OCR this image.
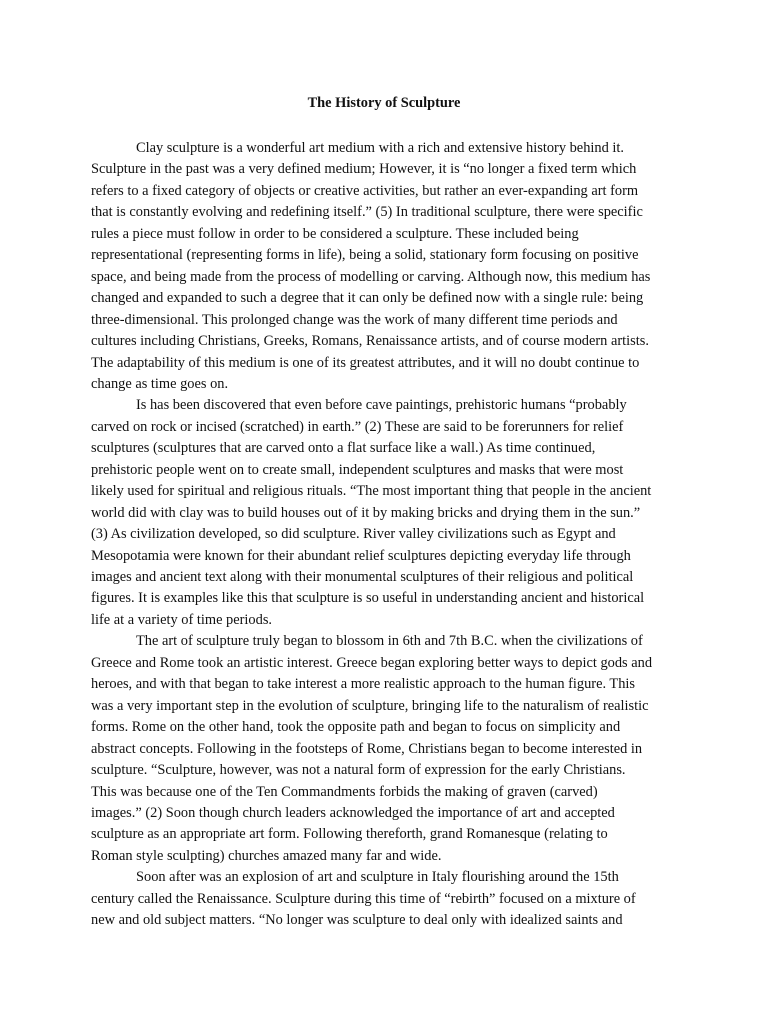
The History of Sculpture
Clay sculpture is a wonderful art medium with a rich and extensive history behind it.
Sculpture in the past was a very defined medium; However, it is “no longer a fixed term which
refers to a fixed category of objects or creative activities, but rather an ever-expanding art form
that is constantly evolving and redefining itself.” (5) In traditional sculpture, there were specific
rules a piece must follow in order to be considered a sculpture. These included being
representational (representing forms in life), being a solid, stationary form focusing on positive
space, and being made from the process of modelling or carving. Although now, this medium has
changed and expanded to such a degree that it can only be defined now with a single rule: being
three-dimensional. This prolonged change was the work of many different time periods and
cultures including Christians, Greeks, Romans, Renaissance artists, and of course modern artists.
The adaptability of this medium is one of its greatest attributes, and it will no doubt continue to
change as time goes on.
Is has been discovered that even before cave paintings, prehistoric humans “probably
carved on rock or incised (scratched) in earth.” (2) These are said to be forerunners for relief
sculptures (sculptures that are carved onto a flat surface like a wall.) As time continued,
prehistoric people went on to create small, independent sculptures and masks that were most
likely used for spiritual and religious rituals. “The most important thing that people in the ancient
world did with clay was to build houses out of it by making bricks and drying them in the sun.”
(3) As civilization developed, so did sculpture. River valley civilizations such as Egypt and
Mesopotamia were known for their abundant relief sculptures depicting everyday life through
images and ancient text along with their monumental sculptures of their religious and political
figures. It is examples like this that sculpture is so useful in understanding ancient and historical
life at a variety of time periods.
The art of sculpture truly began to blossom in 6th and 7th B.C. when the civilizations of
Greece and Rome took an artistic interest. Greece began exploring better ways to depict gods and
heroes, and with that began to take interest a more realistic approach to the human figure. This
was a very important step in the evolution of sculpture, bringing life to the naturalism of realistic
forms. Rome on the other hand, took the opposite path and began to focus on simplicity and
abstract concepts. Following in the footsteps of Rome, Christians began to become interested in
sculpture. “Sculpture, however, was not a natural form of expression for the early Christians.
This was because one of the Ten Commandments forbids the making of graven (carved)
images.” (2) Soon though church leaders acknowledged the importance of art and accepted
sculpture as an appropriate art form. Following thereforth, grand Romanesque (relating to
Roman style sculpting) churches amazed many far and wide.
Soon after was an explosion of art and sculpture in Italy flourishing around the 15th
century called the Renaissance. Sculpture during this time of “rebirth” focused on a mixture of
new and old subject matters. “No longer was sculpture to deal only with idealized saints and
